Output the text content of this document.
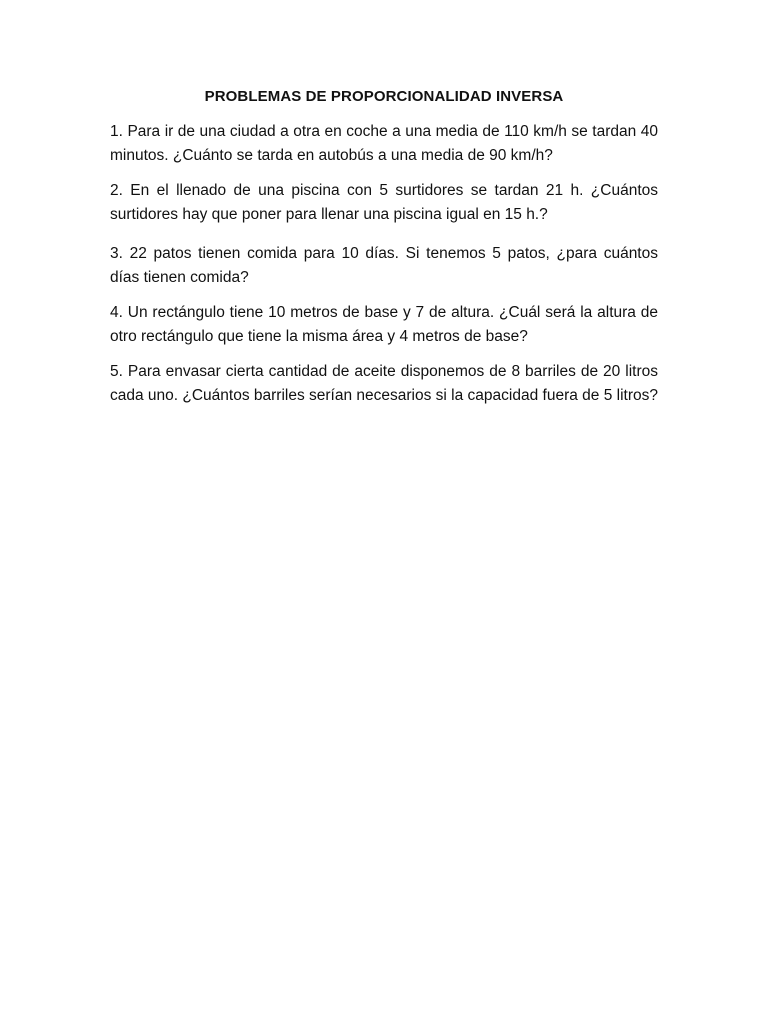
PROBLEMAS DE PROPORCIONALIDAD INVERSA

1. Para ir de una ciudad a otra en coche a una media de 110 km/h se tardan 40 minutos. ¿Cuánto se tarda en autobús a una media de 90 km/h?

2. En el llenado de una piscina con 5 surtidores se tardan 21 h. ¿Cuántos surtidores hay que poner para llenar una piscina igual en 15 h.?

3. 22 patos tienen comida para 10 días. Si tenemos 5 patos, ¿para cuántos días tienen comida?

4. Un rectángulo tiene 10 metros de base y 7 de altura. ¿Cuál será la altura de otro rectángulo que tiene la misma área y 4 metros de base?

5. Para envasar cierta cantidad de aceite disponemos de 8 barriles de 20 litros cada uno. ¿Cuántos barriles serían necesarios si la capacidad fuera de 5 litros?
